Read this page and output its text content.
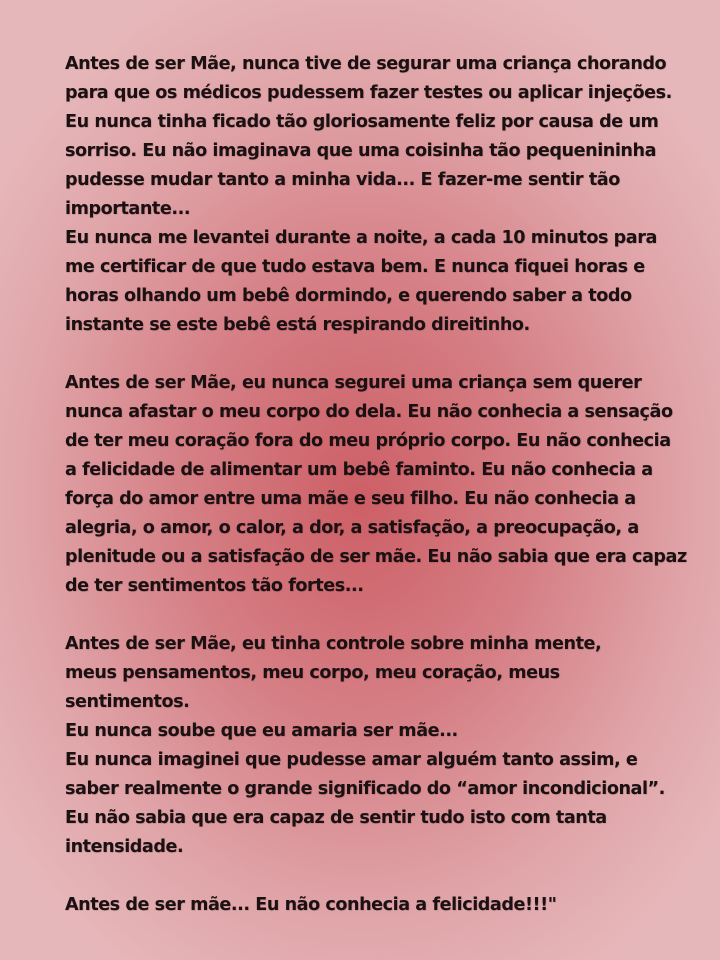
Antes de ser Mãe, nunca tive de segurar uma criança chorando
para que os médicos pudessem fazer testes ou aplicar injeções.
Eu nunca tinha ficado tão gloriosamente feliz por causa de um
sorriso. Eu não imaginava que uma coisinha tão pequenininha
pudesse mudar tanto a minha vida... E fazer-me sentir tão
importante...
Eu nunca me levantei durante a noite, a cada 10 minutos para
me certificar de que tudo estava bem. E nunca fiquei horas e
horas olhando um bebê dormindo, e querendo saber a todo
instante se este bebê está respirando direitinho.
Antes de ser Mãe, eu nunca segurei uma criança sem querer
nunca afastar o meu corpo do dela. Eu não conhecia a sensação
de ter meu coração fora do meu próprio corpo. Eu não conhecia
a felicidade de alimentar um bebê faminto. Eu não conhecia a
força do amor entre uma mãe e seu filho. Eu não conhecia a
alegria, o amor, o calor, a dor, a satisfação, a preocupação, a
plenitude ou a satisfação de ser mãe. Eu não sabia que era capaz
de ter sentimentos tão fortes...
Antes de ser Mãe, eu tinha controle sobre minha mente,
meus pensamentos, meu corpo, meu coração, meus
sentimentos.
Eu nunca soube que eu amaria ser mãe...
Eu nunca imaginei que pudesse amar alguém tanto assim, e
saber realmente o grande significado do “amor incondicional”.
Eu não sabia que era capaz de sentir tudo isto com tanta
intensidade.
Antes de ser mãe... Eu não conhecia a felicidade!!!"
